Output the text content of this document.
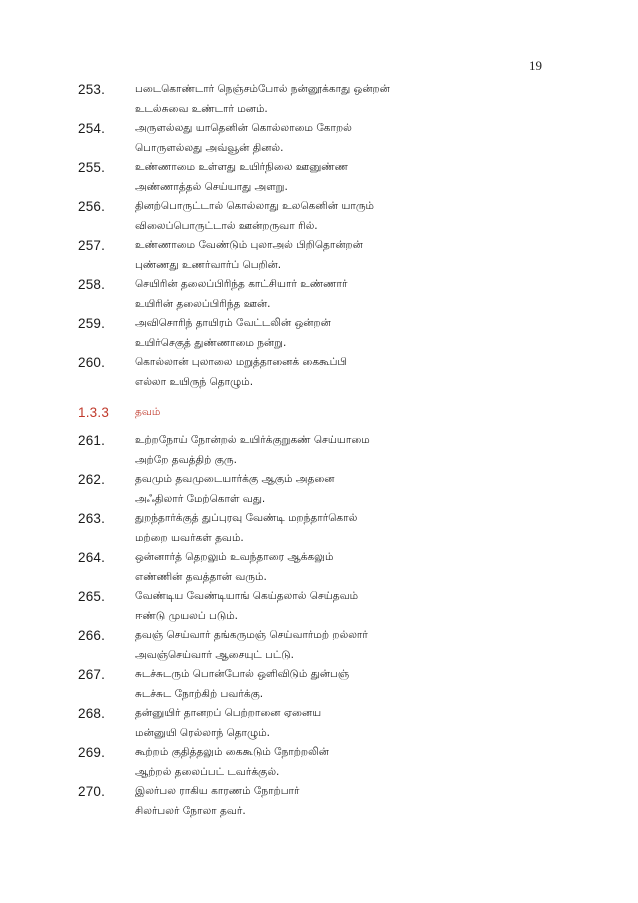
19
253.	படைகொண்டார் நெஞ்சம்போல் நன்னூக்காது ஒன்றன்
உடல்சுவை உண்டார் மனம்.
254.	அருளல்லது யாதெனின் கொல்லாமை கோறல்
பொருளல்லது அவ்வூன் தினல்.
255.	உண்ணாமை உள்ளது உயிர்நிலை ஊனுண்ண
அண்ணாத்தல் செய்யாது அளறு.
256.	தினற்பொருட்டால் கொல்லாது உலகெனின் யாரும்
விலைப்பொருட்டால் ஊன்றருவா ரில்.
257.	உண்ணாமை வேண்டும் புலாஅல் பிறிதொன்றன்
புண்ணது உணர்வார்ப் பெறின்.
258.	செயிரின் தலைப்பிரிந்த காட்சியார் உண்ணார்
உயிரின் தலைப்பிரிந்த ஊன்.
259.	அவிசொரிந் தாயிரம் வேட்டலின் ஒன்றன்
உயிர்செகுத் துண்ணாமை நன்று.
260.	கொல்லான் புலாலை மறுத்தானைக் கைகூப்பி
எல்லா உயிருந் தொழும்.
1.3.3 தவம்
261.	உற்றநோய் நோன்றல் உயிர்க்குறுகண் செய்யாமை
அற்றே தவத்திற் குரு.
262.	தவமும் தவமுடையார்க்கு ஆகும் அதனை
அஃதிலார் மேற்கொள் வது.
263.	துறந்தார்க்குத் துப்புரவு வேண்டி மறந்தார்கொல்
மற்றை யவர்கள் தவம்.
264.	ஒன்னார்த் தெறலும் உவந்தாரை ஆக்கலும்
எண்ணின் தவத்தான் வரும்.
265.	வேண்டிய வேண்டியாங் கெய்தலால் செய்தவம்
ஈண்டு முயலப் படும்.
266.	தவஞ் செய்வார் தங்கருமஞ் செய்வார்மற் றல்லார்
அவஞ்செய்வார் ஆசையுட் பட்டு.
267.	சுடச்சுடரும் பொன்போல் ஒளிவிடும் துன்பஞ்
சுடச்சுட நோற்கிற் பவர்க்கு.
268.	தன்னுயிர் தானறப் பெற்றானை ஏனைய
மன்னுயி ரெல்லாந் தொழும்.
269.	கூற்றம் குதித்தலும் கைகூடும் நோற்றலின்
ஆற்றல் தலைப்பட் டவர்க்குல்.
270.	இலர்பல ராகிய காரணம் நோற்பார்
சிலர்பலர் நோலா தவர்.
